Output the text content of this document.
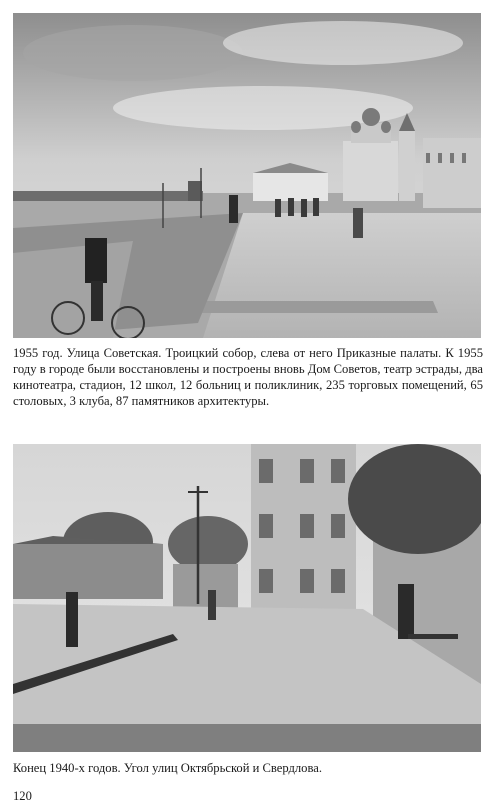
1955 год. Улица Советская. Троицкий собор, слева от него Приказные палаты. К 1955 году в городе были восстановлены и построены вновь Дом Советов, театр эстрады, два кинотеатра, стадион, 12 школ, 12 больниц и поликлиник, 235 торговых помещений, 65 столовых, 3 клуба, 87 памятников архитектуры.

Конец 1940-х годов. Угол улиц Октябрьской и Свердлова.

120
